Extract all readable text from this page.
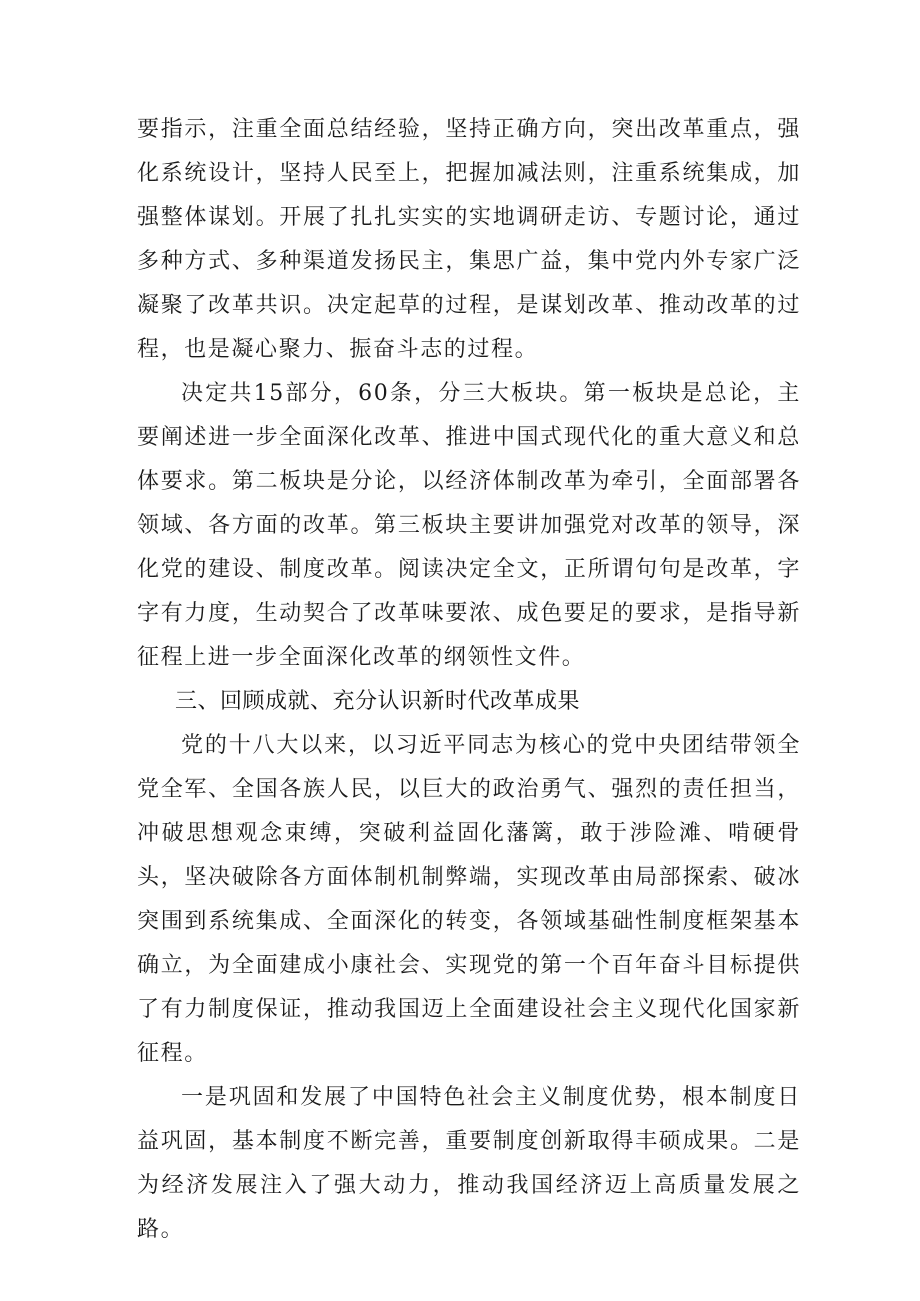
要指示，注重全面总结经验，坚持正确方向，突出改革重点，强化系统设计，坚持人民至上，把握加减法则，注重系统集成，加强整体谋划。开展了扎扎实实的实地调研走访、专题讨论，通过多种方式、多种渠道发扬民主，集思广益，集中党内外专家广泛凝聚了改革共识。决定起草的过程，是谋划改革、推动改革的过程，也是凝心聚力、振奋斗志的过程。

决定共15部分，60条，分三大板块。第一板块是总论，主要阐述进一步全面深化改革、推进中国式现代化的重大意义和总体要求。第二板块是分论，以经济体制改革为牵引，全面部署各领域、各方面的改革。第三板块主要讲加强党对改革的领导，深化党的建设、制度改革。阅读决定全文，正所谓句句是改革，字字有力度，生动契合了改革味要浓、成色要足的要求，是指导新征程上进一步全面深化改革的纲领性文件。

三、回顾成就、充分认识新时代改革成果

党的十八大以来，以习近平同志为核心的党中央团结带领全党全军、全国各族人民，以巨大的政治勇气、强烈的责任担当，冲破思想观念束缚，突破利益固化藩篱，敢于涉险滩、啃硬骨头，坚决破除各方面体制机制弊端，实现改革由局部探索、破冰突围到系统集成、全面深化的转变，各领域基础性制度框架基本确立，为全面建成小康社会、实现党的第一个百年奋斗目标提供了有力制度保证，推动我国迈上全面建设社会主义现代化国家新征程。

一是巩固和发展了中国特色社会主义制度优势，根本制度日益巩固，基本制度不断完善，重要制度创新取得丰硕成果。二是为经济发展注入了强大动力，推动我国经济迈上高质量发展之路。
